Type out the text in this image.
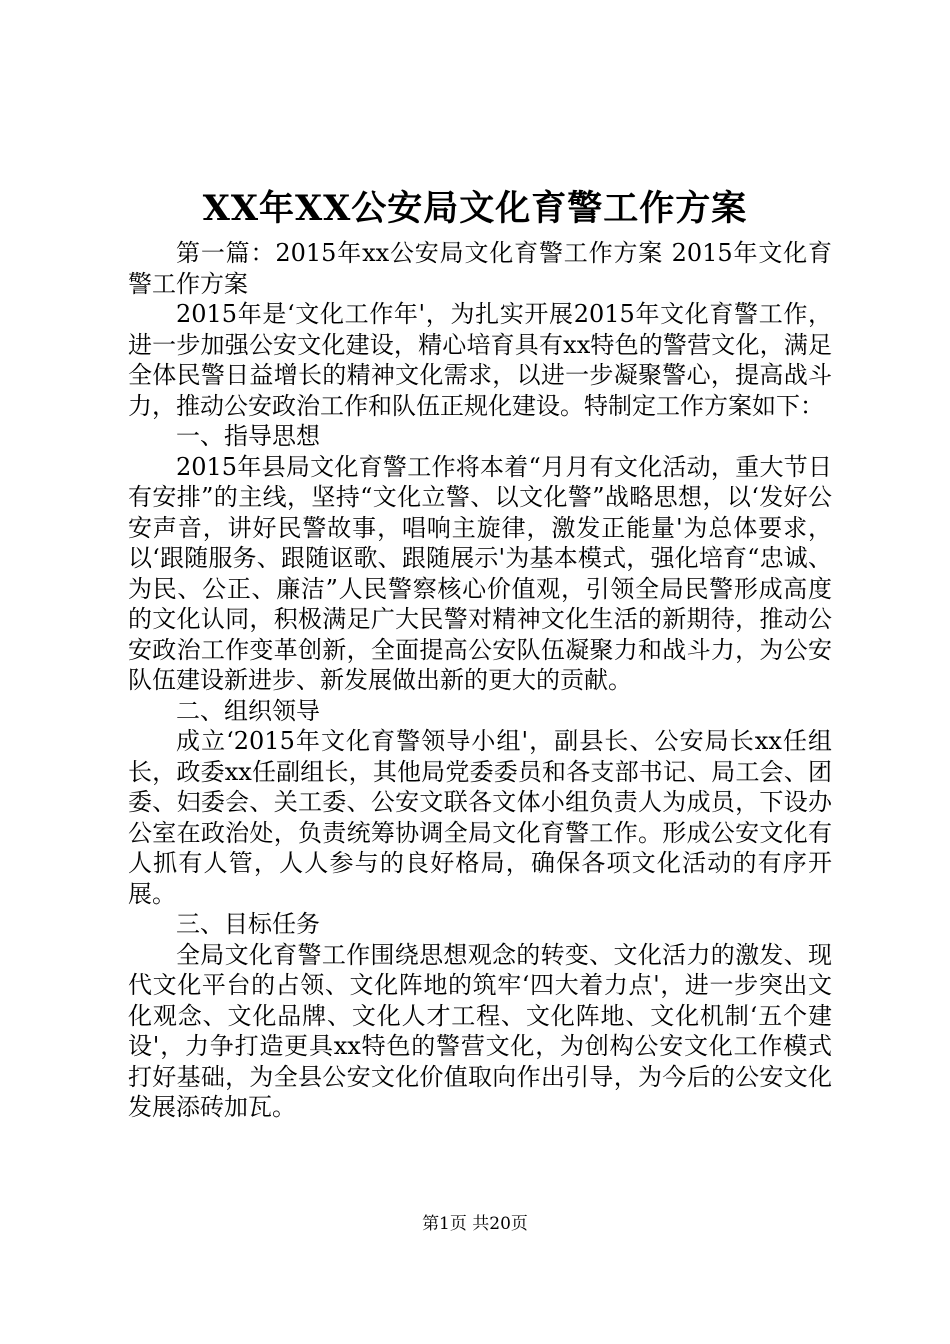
XX年XX公安局文化育警工作方案

第一篇：2015年xx公安局文化育警工作方案 2015年文化育警工作方案

2015年是‘文化工作年'，为扎实开展2015年文化育警工作，进一步加强公安文化建设，精心培育具有xx特色的警营文化，满足全体民警日益增长的精神文化需求，以进一步凝聚警心，提高战斗力，推动公安政治工作和队伍正规化建设。特制定工作方案如下：

一、指导思想

2015年县局文化育警工作将本着“月月有文化活动，重大节日有安排”的主线，坚持“文化立警、以文化警”战略思想，以‘发好公安声音，讲好民警故事，唱响主旋律，激发正能量'为总体要求，以‘跟随服务、跟随讴歌、跟随展示'为基本模式，强化培育“忠诚、为民、公正、廉洁”人民警察核心价值观，引领全局民警形成高度的文化认同，积极满足广大民警对精神文化生活的新期待，推动公安政治工作变革创新，全面提高公安队伍凝聚力和战斗力，为公安队伍建设新进步、新发展做出新的更大的贡献。

二、组织领导

成立‘2015年文化育警领导小组'，副县长、公安局长xx任组长，政委xx任副组长，其他局党委委员和各支部书记、局工会、团委、妇委会、关工委、公安文联各文体小组负责人为成员，下设办公室在政治处，负责统筹协调全局文化育警工作。形成公安文化有人抓有人管，人人参与的良好格局，确保各项文化活动的有序开展。

三、目标任务

全局文化育警工作围绕思想观念的转变、文化活力的激发、现代文化平台的占领、文化阵地的筑牢‘四大着力点'，进一步突出文化观念、文化品牌、文化人才工程、文化阵地、文化机制‘五个建设'，力争打造更具xx特色的警营文化，为创构公安文化工作模式打好基础，为全县公安文化价值取向作出引导，为今后的公安文化发展添砖加瓦。

第1页 共20页
